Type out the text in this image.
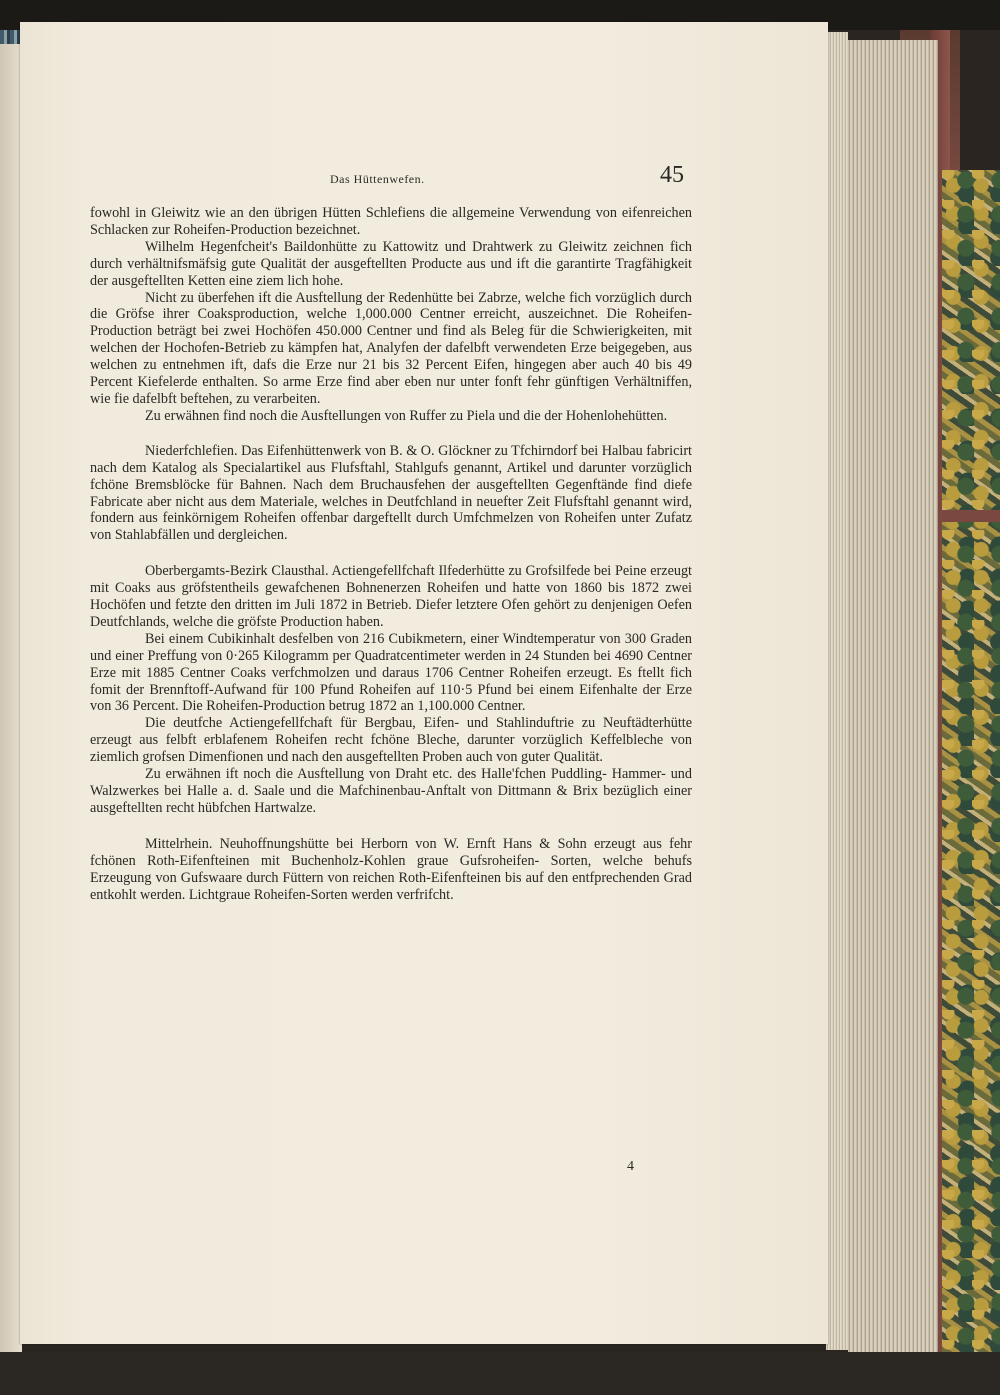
Das Hüttenwefen.	45

fowohl in Gleiwitz wie an den übrigen Hütten Schlefiens die allgemeine Verwendung von eifenreichen Schlacken zur Roheifen-Production bezeichnet.

Wilhelm Hegenfcheit's Baildonhütte zu Kattowitz und Drahtwerk zu Gleiwitz zeichnen fich durch verhältnifsmäfsig gute Qualität der ausgeftellten Producte aus und ift die garantirte Tragfähigkeit der ausgeftellten Ketten eine ziem lich hohe.

Nicht zu überfehen ift die Ausftellung der Redenhütte bei Zabrze, welche fich vorzüglich durch die Gröfse ihrer Coaksproduction, welche 1,000.000 Centner erreicht, auszeichnet. Die Roheifen-Production beträgt bei zwei Hochöfen 450.000 Centner und find als Beleg für die Schwierigkeiten, mit welchen der Hochofen-Betrieb zu kämpfen hat, Analyfen der dafelbft verwendeten Erze beigegeben, aus welchen zu entnehmen ift, dafs die Erze nur 21 bis 32 Percent Eifen, hingegen aber auch 40 bis 49 Percent Kiefelerde enthalten. So arme Erze find aber eben nur unter fonft fehr günftigen Verhältniffen, wie fie dafelbft beftehen, zu verarbeiten.

Zu erwähnen find noch die Ausftellungen von Ruffer zu Piela und die der Hohenlohehütten.

Niederfchlefien. Das Eifenhüttenwerk von B. & O. Glöckner zu Tfchirndorf bei Halbau fabricirt nach dem Katalog als Specialartikel aus Flufsftahl, Stahlgufs genannt, Artikel und darunter vorzüglich fchöne Bremsblöcke für Bahnen. Nach dem Bruchausfehen der ausgeftellten Gegenftände find diefe Fabricate aber nicht aus dem Materiale, welches in Deutfchland in neuefter Zeit Flufsftahl genannt wird, fondern aus feinkörnigem Roheifen offenbar dargeftellt durch Umfchmelzen von Roheifen unter Zufatz von Stahlabfällen und dergleichen.

Oberbergamts-Bezirk Clausthal. Actiengefellfchaft Ilfederhütte zu Grofsilfede bei Peine erzeugt mit Coaks aus gröfstentheils gewafchenen Bohnenerzen Roheifen und hatte von 1860 bis 1872 zwei Hochöfen und fetzte den dritten im Juli 1872 in Betrieb. Diefer letztere Ofen gehört zu denjenigen Oefen Deutfchlands, welche die gröfste Production haben.

Bei einem Cubikinhalt desfelben von 216 Cubikmetern, einer Windtemperatur von 300 Graden und einer Preffung von 0·265 Kilogramm per Quadratcentimeter werden in 24 Stunden bei 4690 Centner Erze mit 1885 Centner Coaks verfchmolzen und daraus 1706 Centner Roheifen erzeugt. Es ftellt fich fomit der Brennftoff-Aufwand für 100 Pfund Roheifen auf 110·5 Pfund bei einem Eifenhalte der Erze von 36 Percent. Die Roheifen-Production betrug 1872 an 1,100.000 Centner.

Die deutfche Actiengefellfchaft für Bergbau, Eifen- und Stahlinduftrie zu Neuftädterhütte erzeugt aus felbft erblafenem Roheifen recht fchöne Bleche, darunter vorzüglich Keffelbleche von ziemlich grofsen Dimenfionen und nach den ausgeftellten Proben auch von guter Qualität.

Zu erwähnen ift noch die Ausftellung von Draht etc. des Halle'fchen Puddling- Hammer- und Walzwerkes bei Halle a. d. Saale und die Mafchinenbau-Anftalt von Dittmann & Brix bezüglich einer ausgeftellten recht hübfchen Hartwalze.

Mittelrhein. Neuhoffnungshütte bei Herborn von W. Ernft Hans & Sohn erzeugt aus fehr fchönen Roth-Eifenfteinen mit Buchenholz-Kohlen graue Gufsroheifen- Sorten, welche behufs Erzeugung von Gufswaare durch Füttern von reichen Roth-Eifenfteinen bis auf den entfprechenden Grad entkohlt werden. Lichtgraue Roheifen-Sorten werden verfrifcht.

4
